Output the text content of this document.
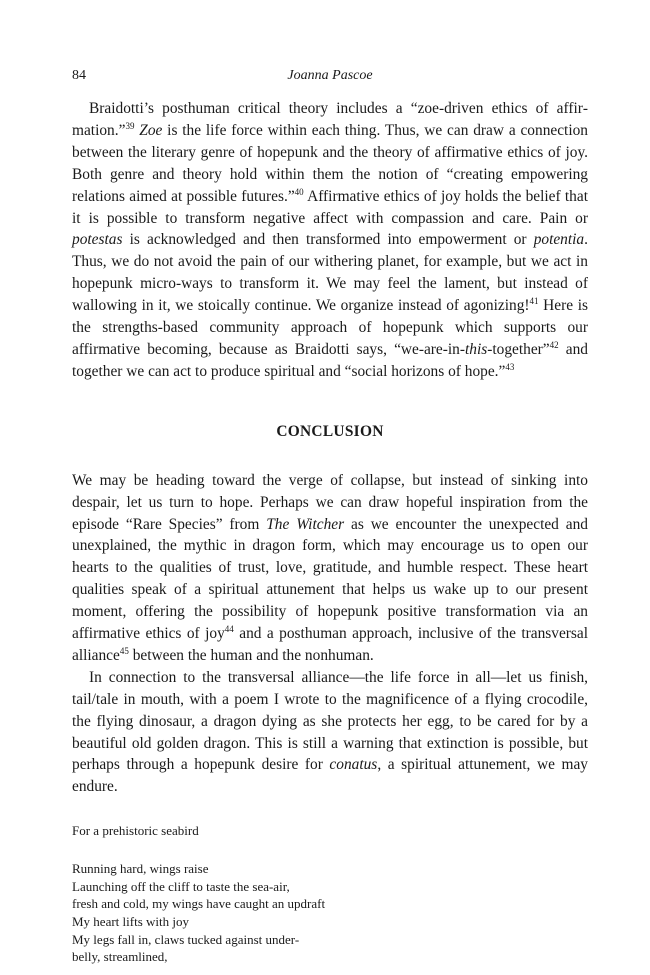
84	Joanna Pascoe

Braidotti’s posthuman critical theory includes a “zoe-driven ethics of affirmation.”$^{39}$ Zoe is the life force within each thing. Thus, we can draw a connection between the literary genre of hopepunk and the theory of affirmative ethics of joy. Both genre and theory hold within them the notion of “creating empowering relations aimed at possible futures.”$^{40}$ Affirmative ethics of joy holds the belief that it is possible to transform negative affect with compassion and care. Pain or potestas is acknowledged and then transformed into empowerment or potentia. Thus, we do not avoid the pain of our withering planet, for example, but we act in hopepunk micro-ways to transform it. We may feel the lament, but instead of wallowing in it, we stoically continue. We organize instead of agonizing!$^{41}$ Here is the strengths-based community approach of hopepunk which supports our affirmative becoming, because as Braidotti says, “we-are-in-this-together”$^{42}$ and together we can act to produce spiritual and “social horizons of hope.”$^{43}$

CONCLUSION

We may be heading toward the verge of collapse, but instead of sinking into despair, let us turn to hope. Perhaps we can draw hopeful inspiration from the episode “Rare Species” from The Witcher as we encounter the unexpected and unexplained, the mythic in dragon form, which may encourage us to open our hearts to the qualities of trust, love, gratitude, and humble respect. These heart qualities speak of a spiritual attunement that helps us wake up to our present moment, offering the possibility of hopepunk positive transformation via an affirmative ethics of joy$^{44}$ and a posthuman approach, inclusive of the transversal alliance$^{45}$ between the human and the nonhuman.

In connection to the transversal alliance—the life force in all—let us finish, tail/tale in mouth, with a poem I wrote to the magnificence of a flying crocodile, the flying dinosaur, a dragon dying as she protects her egg, to be cared for by a beautiful old golden dragon. This is still a warning that extinction is possible, but perhaps through a hopepunk desire for conatus, a spiritual attunement, we may endure.

For a prehistoric seabird
Running hard, wings raise
Launching off the cliff to taste the sea-air,
fresh and cold, my wings have caught an updraft
My heart lifts with joy
My legs fall in, claws tucked against under-
belly, streamlined,
